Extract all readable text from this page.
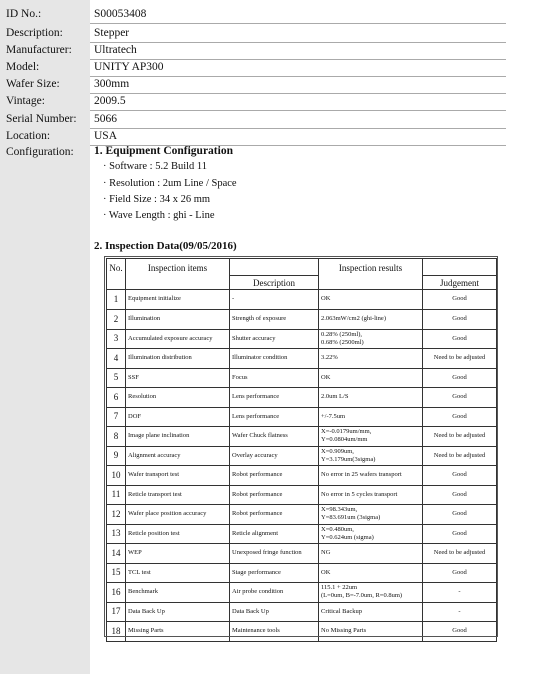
ID No.:	S00053408
Description:	Stepper
Manufacturer: Ultratech
Model:	UNITY AP300
Wafer Size:	300mm
Vintage:	2009.5
Serial Number: 5066
Location:	USA
Configuration: 1. Equipment Configuration
· Software : 5.2 Build 11
· Resolution : 2um Line / Space
· Field Size : 34 x 26 mm
· Wave Length : ghi - Line
2. Inspection Data(09/05/2016)
No.	Inspection items	Description	Inspection results	Judgement

1	Equipment initialize	-	OK	Good
2	Illumination	Strength of exposure	2.063mW/cm2 (ghi-line)	Good
3	Accumulated exposure accuracy	Shutter accuracy	0.28% (250ml),
0.68% (2500ml)	Good
4	Illumination distribution	Illuminator condition	3.22%	Need to be adjusted
5	SSF	Focus	OK	Good
6	Resolution	Lens performance	2.0um L/S	Good
7	DOF	Lens performance	+/-7.5um	Good
8	Image plane inclination	Wafer Chuck flatness	X=-0.0179um/mm,
Y=0.0804um/mm	Need to be adjusted
9	Alignment accuracy	Overlay accuracy	X=0.909um,
Y=3.179um(3sigma)	Need to be adjusted
10	Wafer transport test	Robot performance	No error in 25 wafers transport	Good
11	Reticle transport test	Robot performance	No error in 5 cycles transport	Good
12	Wafer place position accuracy	Robot performance	X=98.343um,
Y=83.691um (3sigma)	Good
13	Reticle position test	Reticle alignment	X=0.480um,
Y=0.624um (sigma)	Good
14	WEP	Unexposed fringe function	NG	Need to be adjusted
15	TCL test	Stage performance	OK	Good
16	Benchmark	Air probe condition	115.1 + 22um
(L=0um, B=-7.0um, R=0.8um)	-
17	Data Back Up	Data Back Up	Critical Backup	-
18	Missing Parts	Maintenance tools	No Missing Parts	Good
